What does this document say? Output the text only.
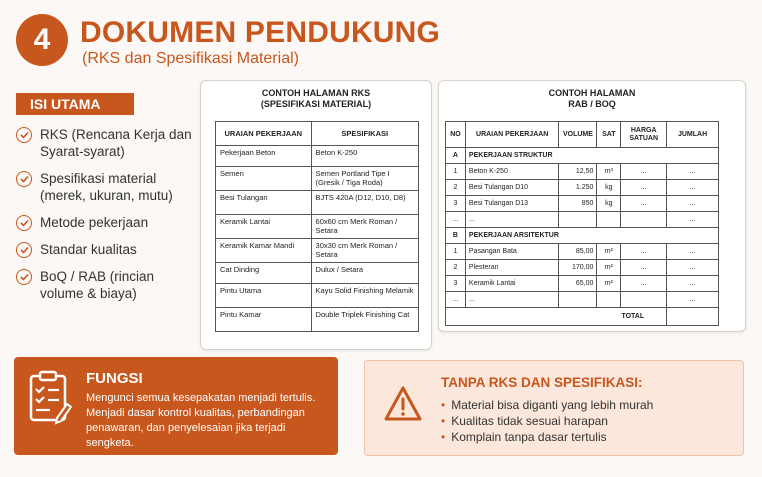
4 DOKUMEN PENDUKUNG
(RKS dan Spesifikasi Material)
ISI UTAMA
RKS (Rencana Kerja dan Syarat-syarat)
Spesifikasi material (merek, ukuran, mutu)
Metode pekerjaan
Standar kualitas
BoQ / RAB (rincian volume & biaya)
CONTOH HALAMAN RKS
(SPESIFIKASI MATERIAL)
URAIAN PEKERJAAN	SPESIFIKASI
Pekerjaan Beton	Beton K-250
Semen	Semen Portland Tipe I (Gresik / Tiga Roda)
Besi Tulangan	BJTS 420A (D12, D10, D8)
Keramik Lantai	60x60 cm Merk Roman / Setara
Keramik Kamar Mandi	30x30 cm Merk Roman / Setara
Cat Dinding	Dulux / Setara
Pintu Utama	Kayu Solid Finishing Melamik
Pintu Kamar	Double Triplek Finishing Cat
CONTOH HALAMAN
RAB / BOQ
NO	URAIAN PEKERJAAN	VOLUME	SAT	HARGA SATUAN	JUMLAH
A	PEKERJAAN STRUKTUR				
1	Beton K-250	12,50	m³	...	...
2	Besi Tulangan D10	1.250	kg	...	...
3	Besi Tulangan D13	850	kg	...	...
...	...				...
B	PEKERJAAN ARSITEKTUR				
1	Pasangan Bata	85,00	m²	...	...
2	Plesteran	170,00	m²	...	...
3	Keramik Lantai	65,00	m²	...	...
...	...				...
TOTAL					
FUNGSI
Mengunci semua kesepakatan menjadi tertulis. Menjadi dasar kontrol kualitas, perbandingan penawaran, dan penyelesaian jika terjadi sengketa.
TANPA RKS DAN SPESIFIKASI:
• Material bisa diganti yang lebih murah
• Kualitas tidak sesuai harapan
• Komplain tanpa dasar tertulis
